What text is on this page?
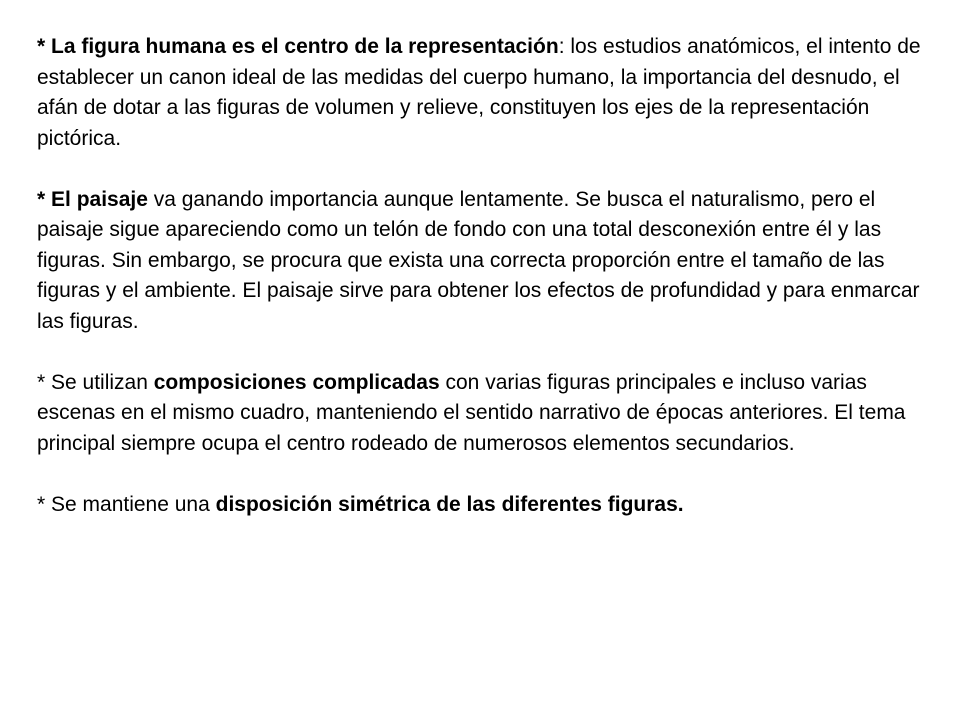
* La figura humana es el centro de la representación: los estudios anatómicos, el intento de establecer un canon ideal de las medidas del cuerpo humano, la importancia del desnudo, el afán de dotar a las figuras de volumen y relieve, constituyen los ejes de la representación pictórica.

* El paisaje va ganando importancia aunque lentamente. Se busca el naturalismo, pero el paisaje sigue apareciendo como un telón de fondo con una total desconexión entre él y las figuras. Sin embargo, se procura que exista una correcta proporción entre el tamaño de las figuras y el ambiente. El paisaje sirve para obtener los efectos de profundidad y para enmarcar las figuras.

* Se utilizan composiciones complicadas con varias figuras principales e incluso varias escenas en el mismo cuadro, manteniendo el sentido narrativo de épocas anteriores. El tema principal siempre ocupa el centro rodeado de numerosos elementos secundarios.

* Se mantiene una disposición simétrica de las diferentes figuras.
